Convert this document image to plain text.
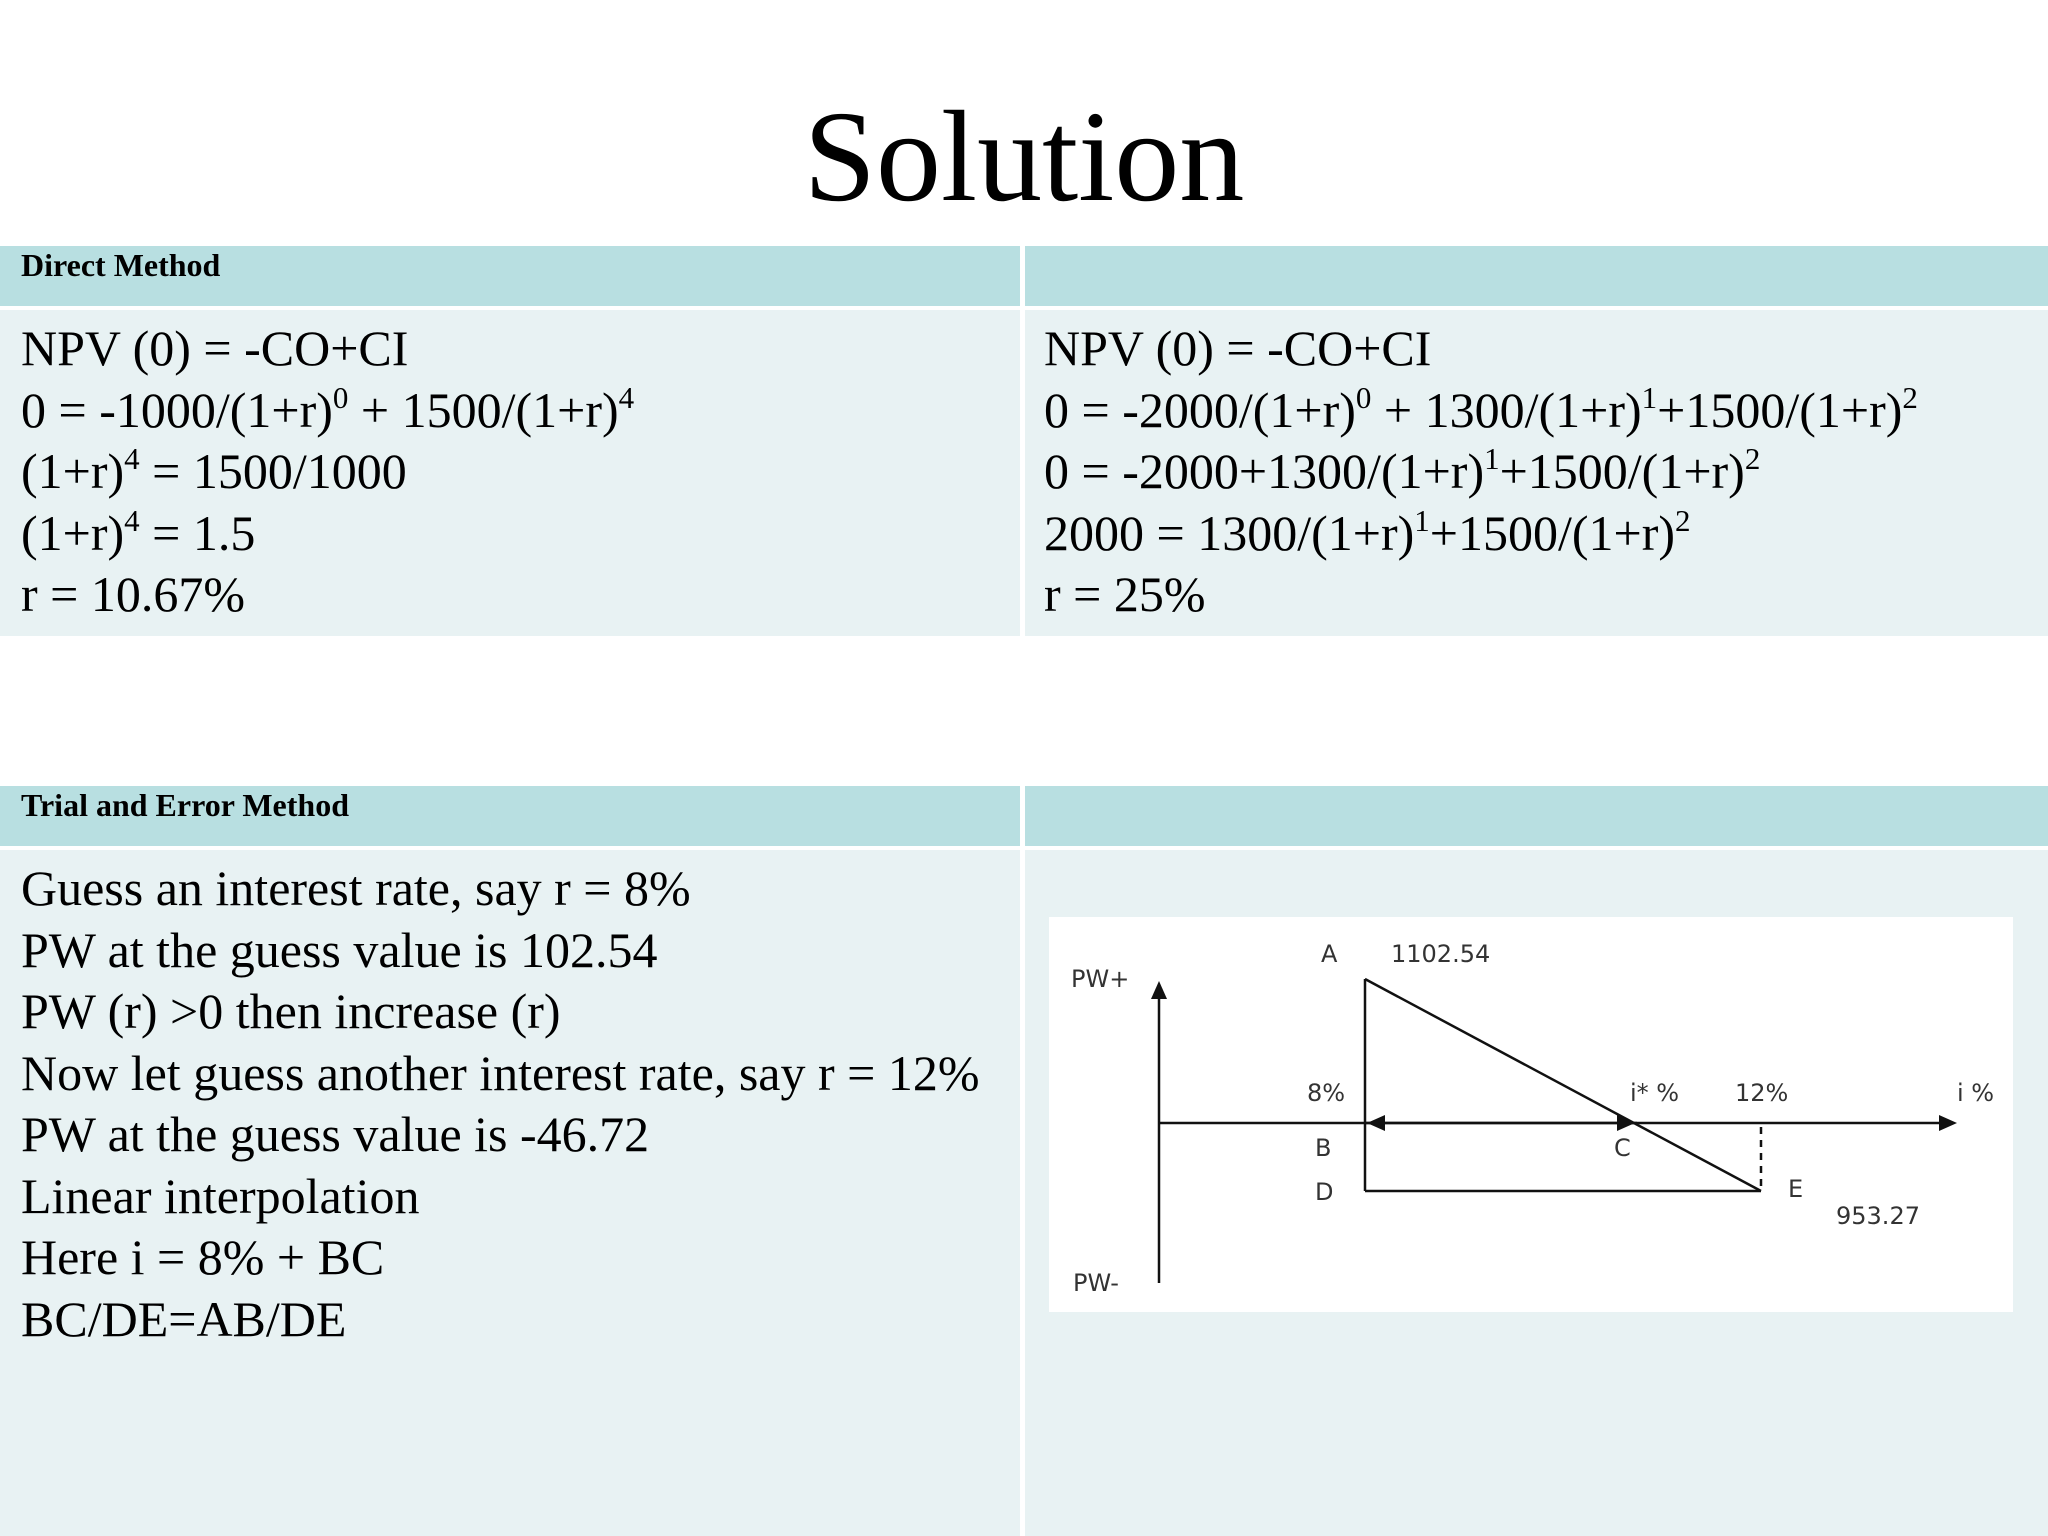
Solution
Direct Method
NPV (0) = -CO+CI
$0 = -1000/(1+r)^0 + 1500/(1+r)^4$
$(1+r)^4 = 1500/1000$
$(1+r)^4 = 1.5$
r = 10.67%
NPV (0) = -CO+CI
$0 = -2000/(1+r)^0 + 1300/(1+r)^1+1500/(1+r)^2$
$0 = -2000+1300/(1+r)^1+1500/(1+r)^2$
$2000 = 1300/(1+r)^1+1500/(1+r)^2$
r = 25%
Trial and Error Method
Guess an interest rate, say r = 8%
PW at the guess value is 102.54
PW (r) >0 then increase (r)
Now let guess another interest rate, say r = 12%
PW at the guess value is -46.72
Linear interpolation
Here i = 8% + BC
BC/DE=AB/DE
PW+
PW-
A 1102.54
8%	i* % 12%	i %
B	C
D	E
953.27
